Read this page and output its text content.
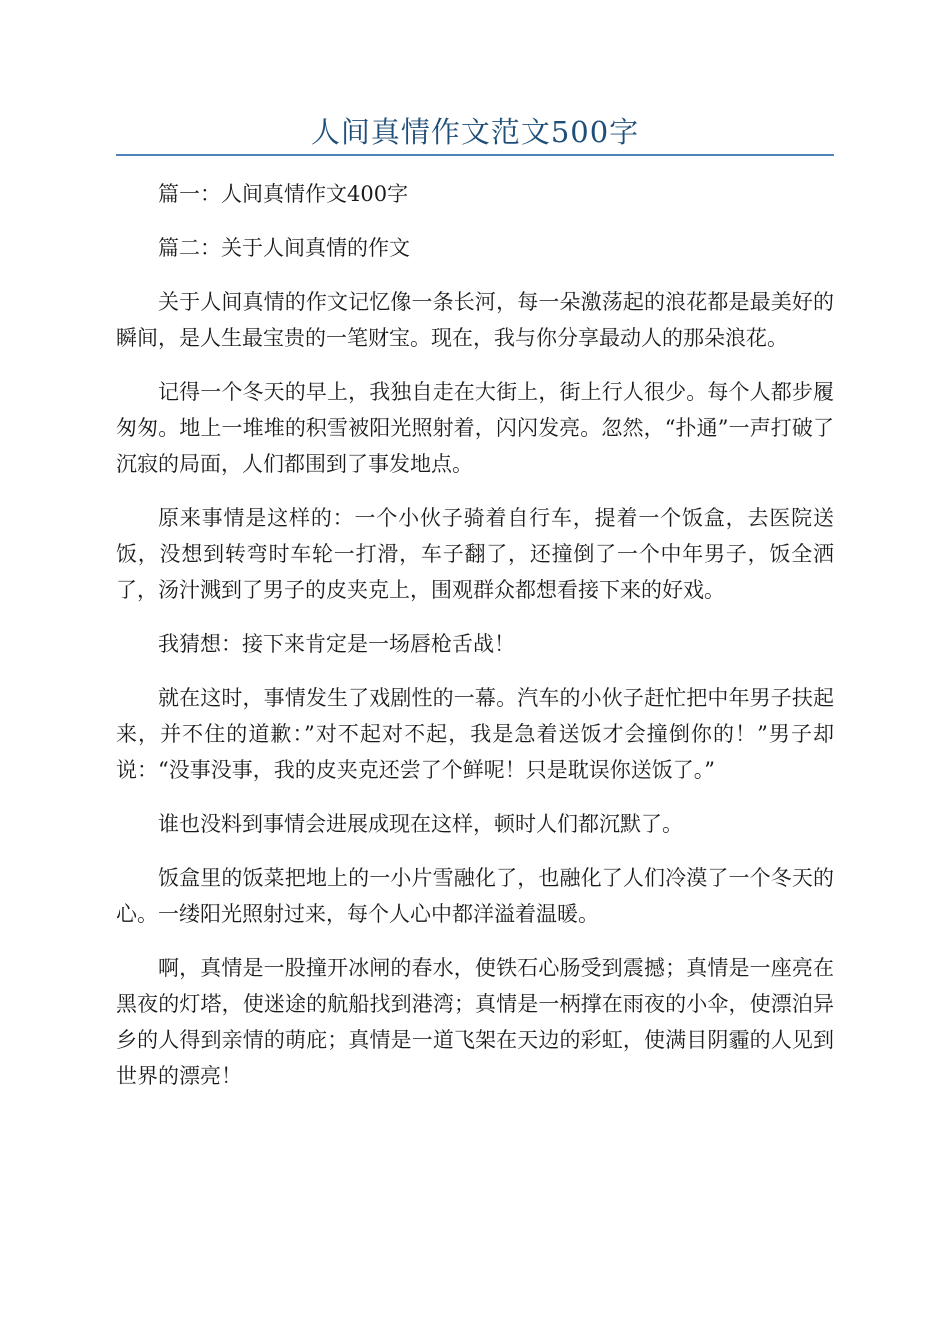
人间真情作文范文500字

篇一：人间真情作文400字

篇二：关于人间真情的作文

关于人间真情的作文记忆像一条长河，每一朵激荡起的浪花都是最美好的瞬间，是人生最宝贵的一笔财宝。现在，我与你分享最动人的那朵浪花。

记得一个冬天的早上，我独自走在大街上，街上行人很少。每个人都步履匆匆。地上一堆堆的积雪被阳光照射着，闪闪发亮。忽然，“扑通”一声打破了沉寂的局面，人们都围到了事发地点。

原来事情是这样的：一个小伙子骑着自行车，提着一个饭盒，去医院送饭，没想到转弯时车轮一打滑，车子翻了，还撞倒了一个中年男子，饭全洒了，汤汁溅到了男子的皮夹克上，围观群众都想看接下来的好戏。

我猜想：接下来肯定是一场唇枪舌战！

就在这时，事情发生了戏剧性的一幕。汽车的小伙子赶忙把中年男子扶起来，并不住的道歉：”对不起对不起，我是急着送饭才会撞倒你的！”男子却说：“没事没事，我的皮夹克还尝了个鲜呢！只是耽误你送饭了。”

谁也没料到事情会进展成现在这样，顿时人们都沉默了。

饭盒里的饭菜把地上的一小片雪融化了，也融化了人们冷漠了一个冬天的心。一缕阳光照射过来，每个人心中都洋溢着温暖。

啊，真情是一股撞开冰闸的春水，使铁石心肠受到震撼；真情是一座亮在黑夜的灯塔，使迷途的航船找到港湾；真情是一柄撑在雨夜的小伞，使漂泊异乡的人得到亲情的萌庇；真情是一道飞架在天边的彩虹，使满目阴霾的人见到世界的漂亮！
